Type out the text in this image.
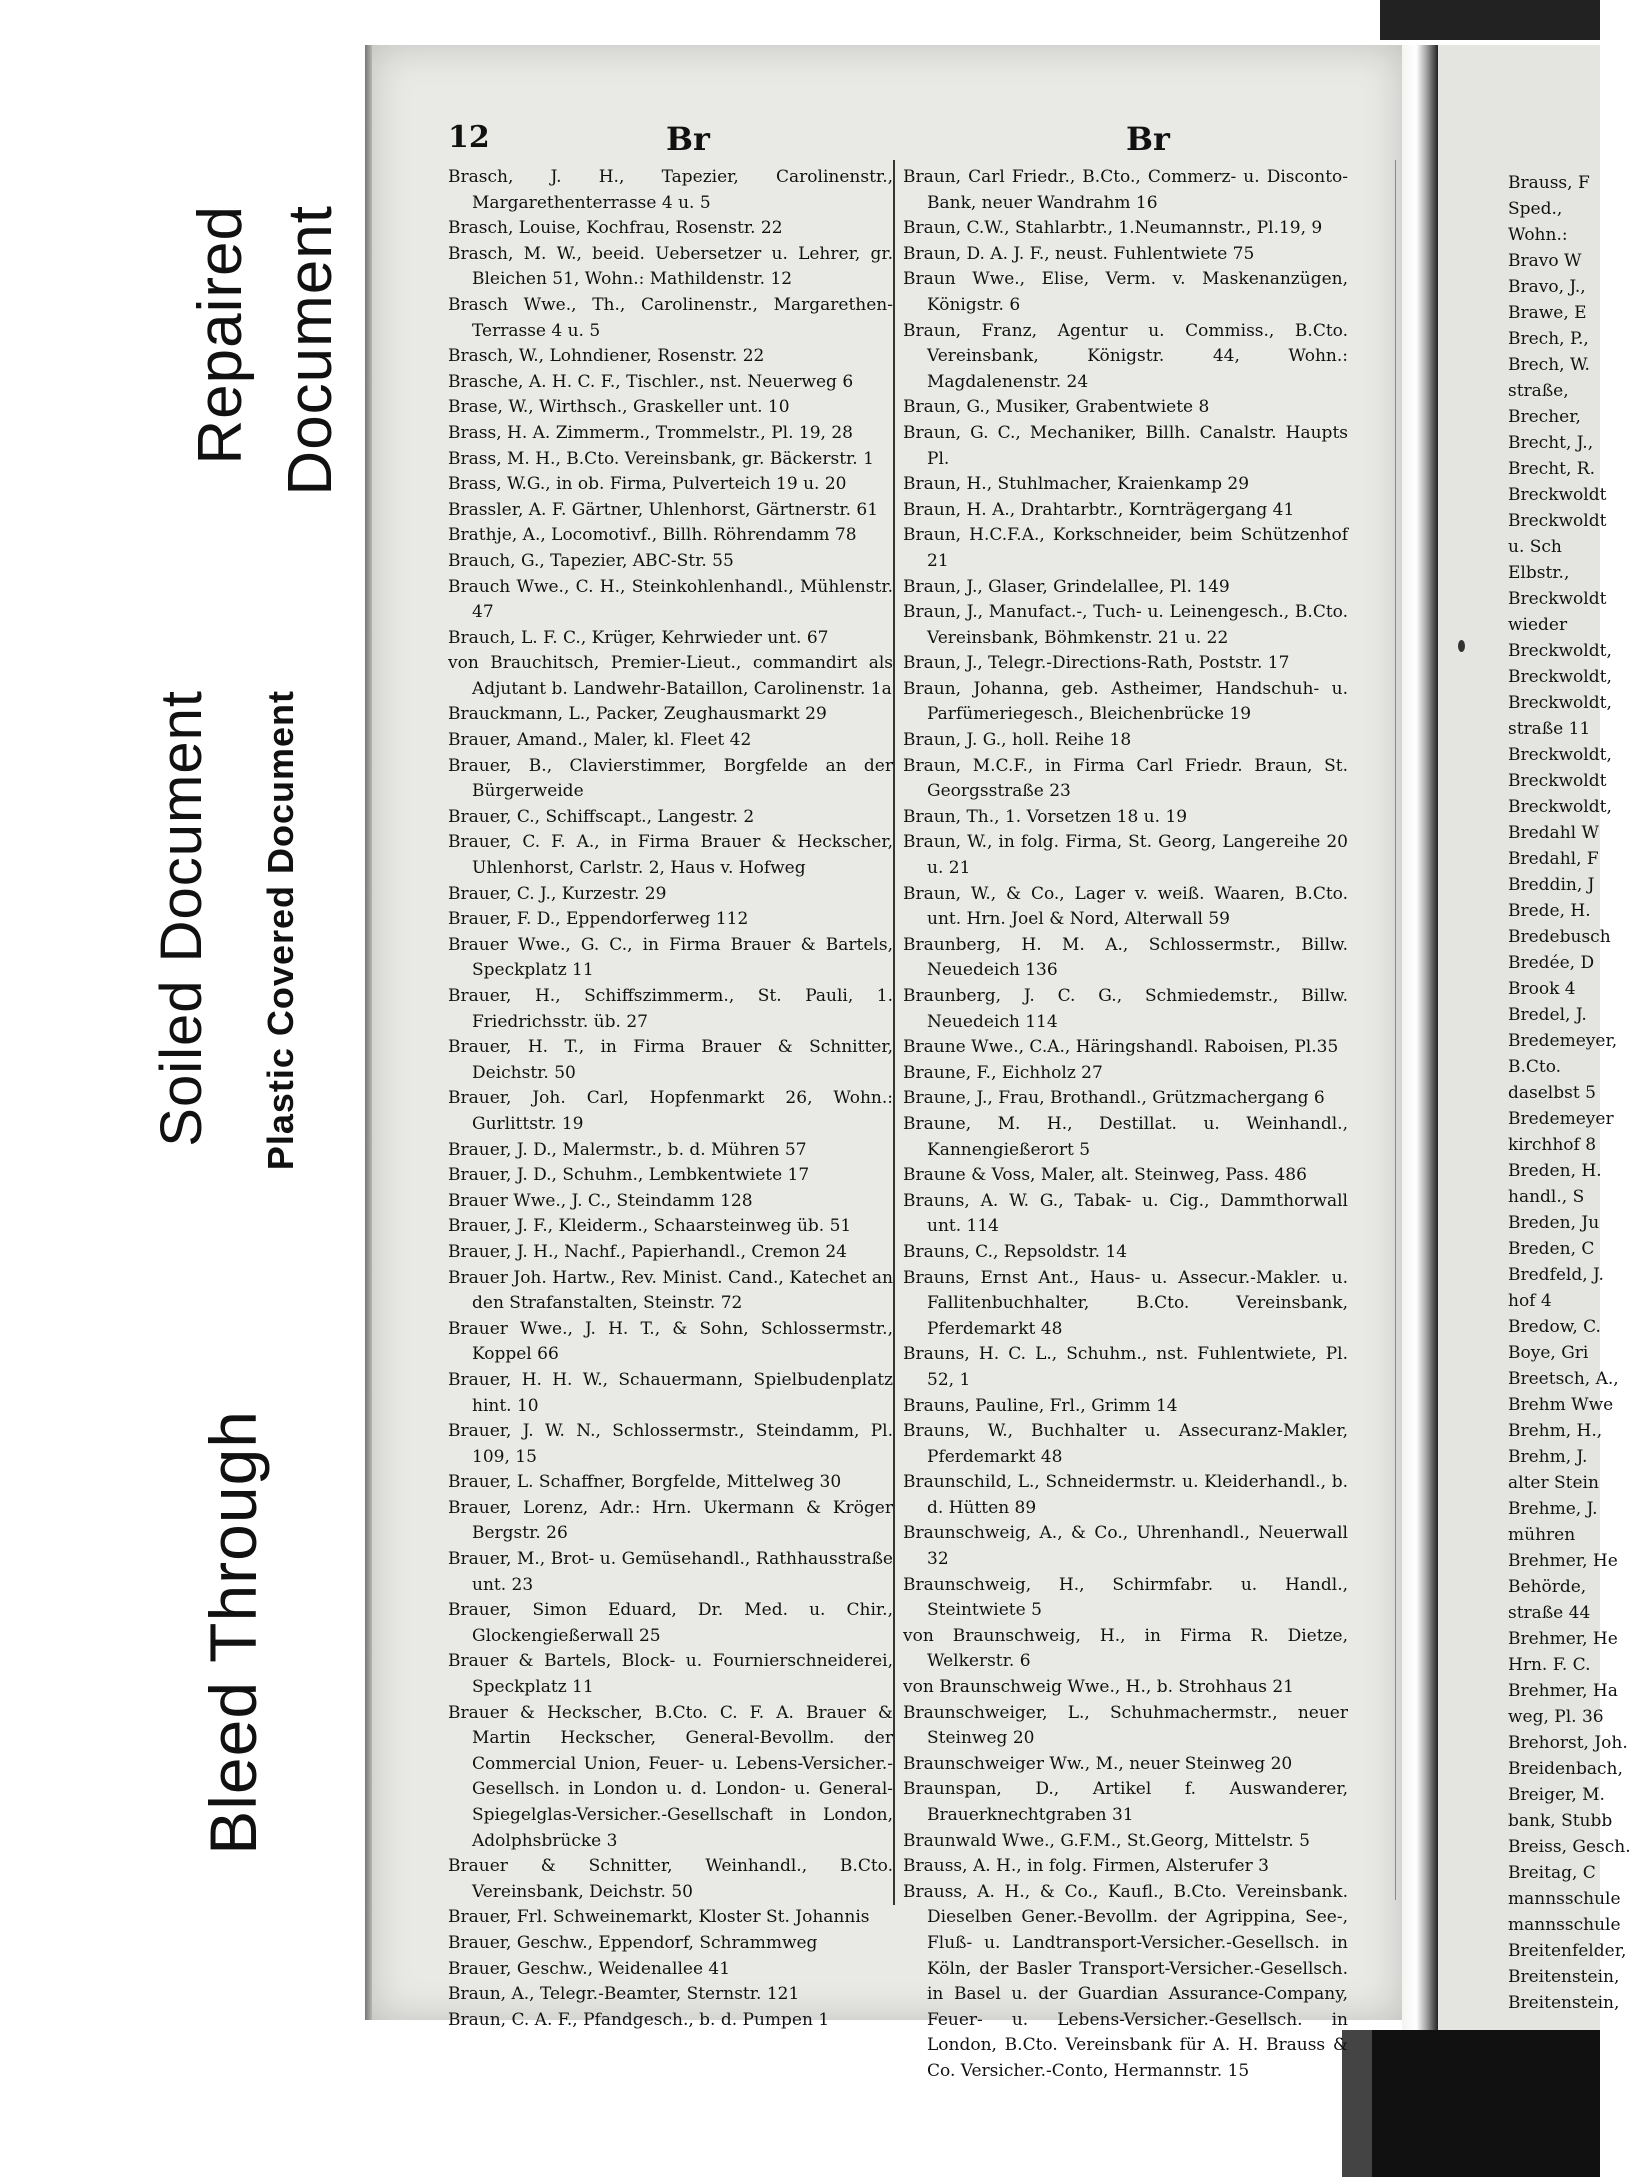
Repaired Document
Soiled Document Plastic Covered Document
Bleed Through
12	Br	Br
Brasch, J. H., Tapezier, Carolinenstr., Margarethenterrasse 4 u. 5
Brasch, Louise, Kochfrau, Rosenstr. 22
Brasch, M. W., beeid. Uebersetzer u. Lehrer, gr. Bleichen 51, Wohn.: Mathildenstr. 12
Brasch Wwe., Th., Carolinenstr., Margarethen-Terrasse 4 u. 5
Brasch, W., Lohndiener, Rosenstr. 22
Brasche, A. H. C. F., Tischler., nst. Neuerweg 6
Brase, W., Wirthsch., Graskeller unt. 10
Brass, H. A. Zimmerm., Trommelstr., Pl. 19, 28
Brass, M. H., B.Cto. Vereinsbank, gr. Bäckerstr. 1
Brass, W.G., in ob. Firma, Pulverteich 19 u. 20
Brassler, A. F. Gärtner, Uhlenhorst, Gärtnerstr. 61
Brathje, A., Locomotivf., Billh. Röhrendamm 78
Brauch, G., Tapezier, ABC-Str. 55
Brauch Wwe., C. H., Steinkohlenhandl., Mühlenstr. 47
Brauch, L. F. C., Krüger, Kehrwieder unt. 67
von Brauchitsch, Premier-Lieut., commandirt als Adjutant b. Landwehr-Bataillon, Carolinenstr. 1a
Brauckmann, L., Packer, Zeughausmarkt 29
Brauer, Amand., Maler, kl. Fleet 42
Brauer, B., Clavierstimmer, Borgfelde an der Bürgerweide
Brauer, C., Schiffscapt., Langestr. 2
Brauer, C. F. A., in Firma Brauer & Heckscher, Uhlenhorst, Carlstr. 2, Haus v. Hofweg
Brauer, C. J., Kurzestr. 29
Brauer, F. D., Eppendorferweg 112
Brauer Wwe., G. C., in Firma Brauer & Bartels, Speckplatz 11
Brauer, H., Schiffszimmerm., St. Pauli, 1. Friedrichsstr. üb. 27
Brauer, H. T., in Firma Brauer & Schnitter, Deichstr. 50
Brauer, Joh. Carl, Hopfenmarkt 26, Wohn.: Gurlittstr. 19
Brauer, J. D., Malermstr., b. d. Mühren 57
Brauer, J. D., Schuhm., Lembkentwiete 17
Brauer Wwe., J. C., Steindamm 128
Brauer, J. F., Kleiderm., Schaarsteinweg üb. 51
Brauer, J. H., Nachf., Papierhandl., Cremon 24
Brauer Joh. Hartw., Rev. Minist. Cand., Katechet an den Strafanstalten, Steinstr. 72
Brauer Wwe., J. H. T., & Sohn, Schlossermstr., Koppel 66
Brauer, H. H. W., Schauermann, Spielbudenplatz hint. 10
Brauer, J. W. N., Schlossermstr., Steindamm, Pl. 109, 15
Brauer, L. Schaffner, Borgfelde, Mittelweg 30
Brauer, Lorenz, Adr.: Hrn. Ukermann & Kröger Bergstr. 26
Brauer, M., Brot- u. Gemüsehandl., Rathhausstraße unt. 23
Brauer, Simon Eduard, Dr. Med. u. Chir., Glockengießerwall 25
Brauer & Bartels, Block- u. Fournierschneiderei, Speckplatz 11
Brauer & Heckscher, B.Cto. C. F. A. Brauer & Martin Heckscher, General-Bevollm. der Commercial Union, Feuer- u. Lebens-Versicher.-Gesellsch. in London u. d. London- u. General-Spiegelglas-Versicher.-Gesellschaft in London, Adolphsbrücke 3
Brauer & Schnitter, Weinhandl., B.Cto. Vereinsbank, Deichstr. 50
Brauer, Frl. Schweinemarkt, Kloster St. Johannis
Brauer, Geschw., Eppendorf, Schrammweg
Brauer, Geschw., Weidenallee 41
Braun, A., Telegr.-Beamter, Sternstr. 121
Braun, C. A. F., Pfandgesch., b. d. Pumpen 1
Braun, Carl Friedr., B.Cto., Commerz- u. Disconto-Bank, neuer Wandrahm 16
Braun, C.W., Stahlarbtr., 1.Neumannstr., Pl.19, 9
Braun, D. A. J. F., neust. Fuhlentwiete 75
Braun Wwe., Elise, Verm. v. Maskenanzügen, Königstr. 6
Braun, Franz, Agentur u. Commiss., B.Cto. Vereinsbank, Königstr. 44, Wohn.: Magdalenenstr. 24
Braun, G., Musiker, Grabentwiete 8
Braun, G. C., Mechaniker, Billh. Canalstr. Haupts Pl.
Braun, H., Stuhlmacher, Kraienkamp 29
Braun, H. A., Drahtarbtr., Kornträgergang 41
Braun, H.C.F.A., Korkschneider, beim Schützenhof 21
Braun, J., Glaser, Grindelallee, Pl. 149
Braun, J., Manufact.-, Tuch- u. Leinengesch., B.Cto. Vereinsbank, Böhmkenstr. 21 u. 22
Braun, J., Telegr.-Directions-Rath, Poststr. 17
Braun, Johanna, geb. Astheimer, Handschuh- u. Parfümeriegesch., Bleichenbrücke 19
Braun, J. G., holl. Reihe 18
Braun, M.C.F., in Firma Carl Friedr. Braun, St. Georgsstraße 23
Braun, Th., 1. Vorsetzen 18 u. 19
Braun, W., in folg. Firma, St. Georg, Langereihe 20 u. 21
Braun, W., & Co., Lager v. weiß. Waaren, B.Cto. unt. Hrn. Joel & Nord, Alterwall 59
Braunberg, H. M. A., Schlossermstr., Billw. Neuedeich 136
Braunberg, J. C. G., Schmiedemstr., Billw. Neuedeich 114
Braune Wwe., C.A., Häringshandl. Raboisen, Pl.35
Braune, F., Eichholz 27
Braune, J., Frau, Brothandl., Grützmachergang 6
Braune, M. H., Destillat. u. Weinhandl., Kannengießerort 5
Braune & Voss, Maler, alt. Steinweg, Pass. 486
Brauns, A. W. G., Tabak- u. Cig., Dammthorwall unt. 114
Brauns, C., Repsoldstr. 14
Brauns, Ernst Ant., Haus- u. Assecur.-Makler. u. Fallitenbuchhalter, B.Cto. Vereinsbank, Pferdemarkt 48
Brauns, H. C. L., Schuhm., nst. Fuhlentwiete, Pl. 52, 1
Brauns, Pauline, Frl., Grimm 14
Brauns, W., Buchhalter u. Assecuranz-Makler, Pferdemarkt 48
Braunschild, L., Schneidermstr. u. Kleiderhandl., b. d. Hütten 89
Braunschweig, A., & Co., Uhrenhandl., Neuerwall 32
Braunschweig, H., Schirmfabr. u. Handl., Steintwiete 5
von Braunschweig, H., in Firma R. Dietze, Welkerstr. 6
von Braunschweig Wwe., H., b. Strohhaus 21
Braunschweiger, L., Schuhmachermstr., neuer Steinweg 20
Braunschweiger Ww., M., neuer Steinweg 20
Braunspan, D., Artikel f. Auswanderer, Brauerknechtgraben 31
Braunwald Wwe., G.F.M., St.Georg, Mittelstr. 5
Brauss, A. H., in folg. Firmen, Alsterufer 3
Brauss, A. H., & Co., Kaufl., B.Cto. Vereinsbank. Dieselben Gener.-Bevollm. der Agrippina, See-, Fluß- u. Landtransport-Versicher.-Gesellsch. in Köln, der Basler Transport-Versicher.-Gesellsch. in Basel u. der Guardian Assurance-Company, Feuer- u. Lebens-Versicher.-Gesellsch. in London, B.Cto. Vereinsbank für A. H. Brauss & Co. Versicher.-Conto, Hermannstr. 15
Brauss, F
Sped.,
Wohn.:
Bravo W
Bravo, J.,
Brawe, E
Brech, P.,
Brech, W.
straße,
Brecher,
Brecht, J.,
Brecht, R.
Breckwoldt
Breckwoldt
u. Sch
Elbstr.,
Breckwoldt
wieder
Breckwoldt,
Breckwoldt,
Breckwoldt,
straße 11
Breckwoldt,
Breckwoldt
Breckwoldt,
Bredahl W
Bredahl, F
Breddin, J
Brede, H.
Bredebusch
Bredée, D
Brook 4
Bredel, J.
Bredemeyer,
B.Cto.
daselbst 5
Bredemeyer
kirchhof 8
Breden, H.
handl., S
Breden, Ju
Breden, C
Bredfeld, J.
hof 4
Bredow, C.
Boye, Gri
Breetsch, A.,
Brehm Wwe
Brehm, H.,
Brehm, J.
alter Stein
Brehme, J.
mühren
Brehmer, He
Behörde,
straße 44
Brehmer, He
Hrn. F. C.
Brehmer, Ha
weg, Pl. 36
Brehorst, Joh.
Breidenbach,
Breiger, M.
bank, Stubb
Breiss, Gesch.
Breitag, C
mannsschule
mannsschule
Breitenfelder,
Breitenstein,
Breitenstein,
